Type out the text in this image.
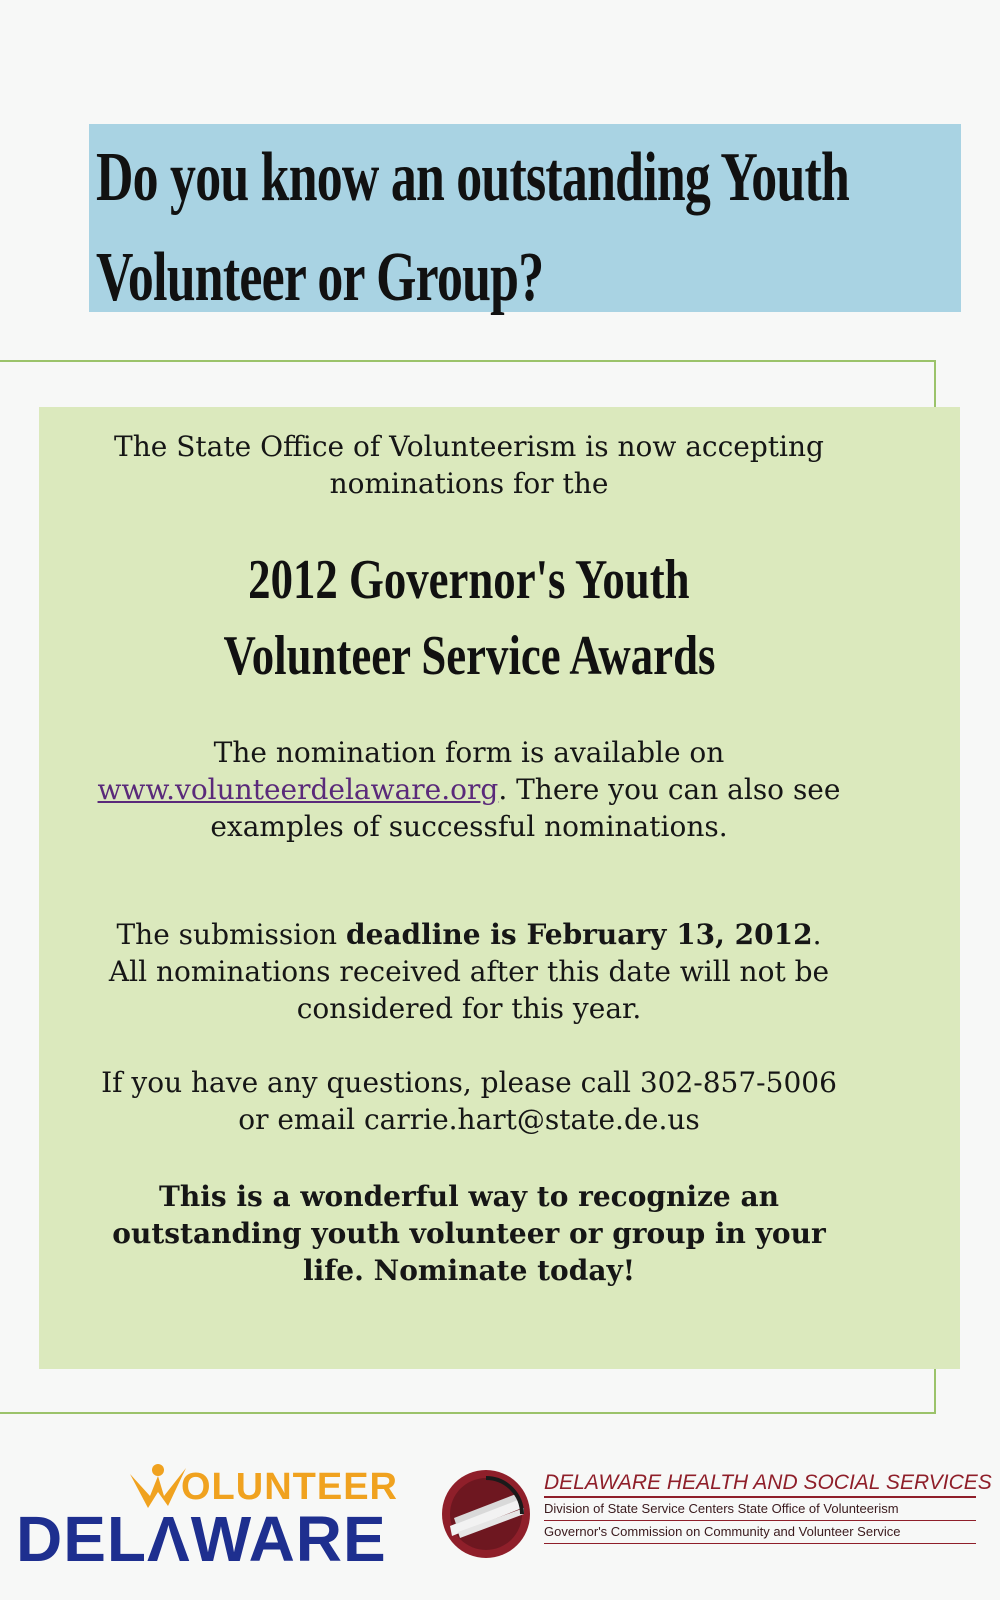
Do you know an outstanding Youth
Volunteer or Group?
The State Office of Volunteerism is now accepting
nominations for the
2012 Governor's Youth
Volunteer Service Awards
The nomination form is available on
www.volunteerdelaware.org. There you can also see
examples of successful nominations.
The submission deadline is February 13, 2012.
All nominations received after this date will not be
considered for this year.
If you have any questions, please call 302-857-5006
or email carrie.hart@state.de.us
This is a wonderful way to recognize an
outstanding youth volunteer or group in your
life. Nominate today!
OLUNTEER
DELΛWARE
DELAWARE HEALTH AND SOCIAL SERVICES
Division of State Service Centers State Office of Volunteerism
Governor's Commission on Community and Volunteer Service
